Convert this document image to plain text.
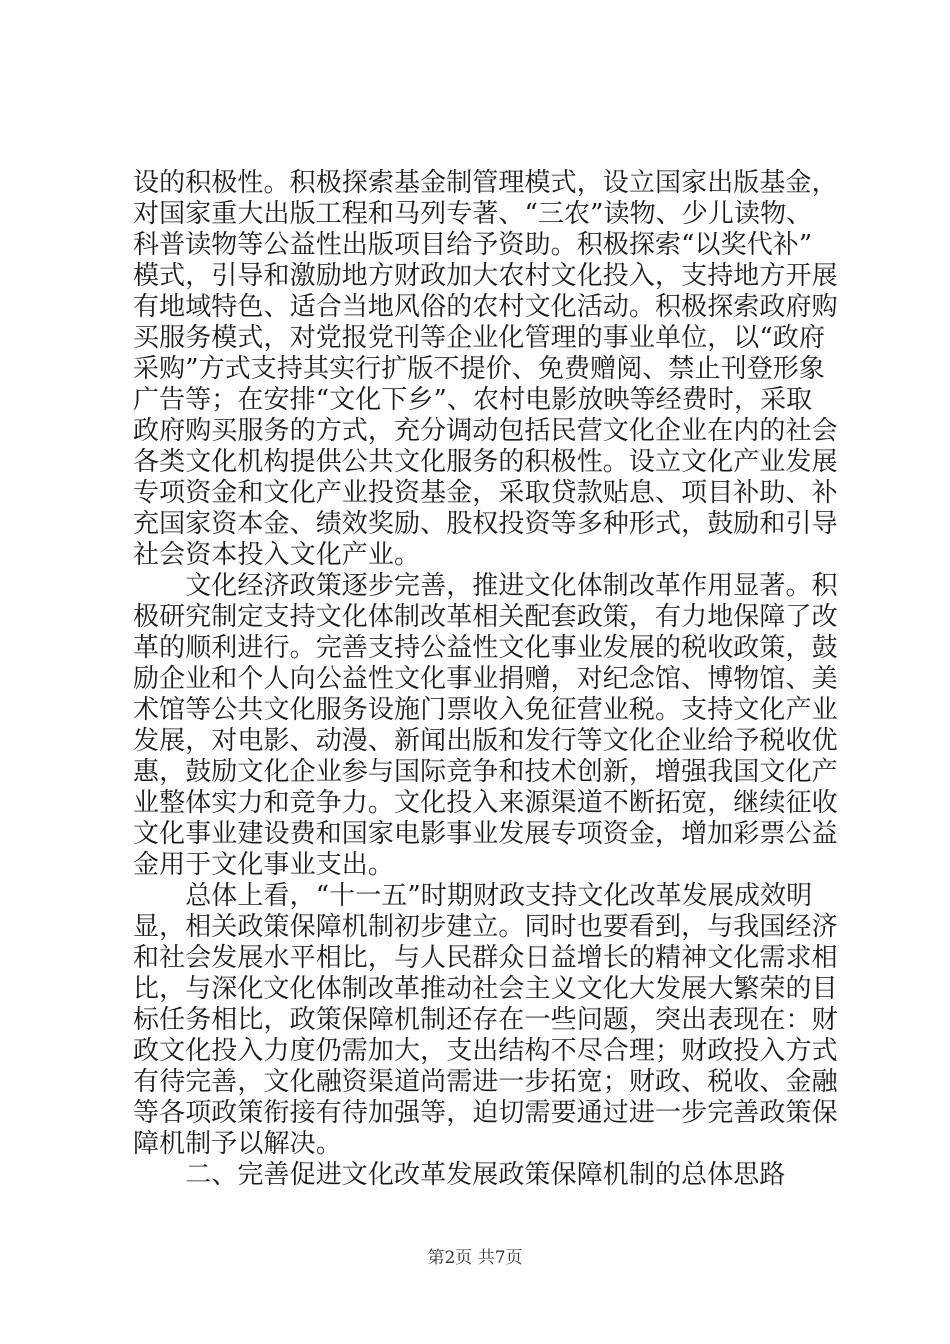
设的积极性。积极探索基金制管理模式，设立国家出版基金，
对国家重大出版工程和马列专著、“三农”读物、少儿读物、
科普读物等公益性出版项目给予资助。积极探索“以奖代补”
模式，引导和激励地方财政加大农村文化投入，支持地方开展
有地域特色、适合当地风俗的农村文化活动。积极探索政府购
买服务模式，对党报党刊等企业化管理的事业单位，以“政府
采购”方式支持其实行扩版不提价、免费赠阅、禁止刊登形象
广告等；在安排“文化下乡”、农村电影放映等经费时，采取
政府购买服务的方式，充分调动包括民营文化企业在内的社会
各类文化机构提供公共文化服务的积极性。设立文化产业发展
专项资金和文化产业投资基金，采取贷款贴息、项目补助、补
充国家资本金、绩效奖励、股权投资等多种形式，鼓励和引导
社会资本投入文化产业。
　　文化经济政策逐步完善，推进文化体制改革作用显著。积
极研究制定支持文化体制改革相关配套政策，有力地保障了改
革的顺利进行。完善支持公益性文化事业发展的税收政策，鼓
励企业和个人向公益性文化事业捐赠，对纪念馆、博物馆、美
术馆等公共文化服务设施门票收入免征营业税。支持文化产业
发展，对电影、动漫、新闻出版和发行等文化企业给予税收优
惠，鼓励文化企业参与国际竞争和技术创新，增强我国文化产
业整体实力和竞争力。文化投入来源渠道不断拓宽，继续征收
文化事业建设费和国家电影事业发展专项资金，增加彩票公益
金用于文化事业支出。
　　总体上看，“十一五”时期财政支持文化改革发展成效明
显，相关政策保障机制初步建立。同时也要看到，与我国经济
和社会发展水平相比，与人民群众日益增长的精神文化需求相
比，与深化文化体制改革推动社会主义文化大发展大繁荣的目
标任务相比，政策保障机制还存在一些问题，突出表现在：财
政文化投入力度仍需加大，支出结构不尽合理；财政投入方式
有待完善，文化融资渠道尚需进一步拓宽；财政、税收、金融
等各项政策衔接有待加强等，迫切需要通过进一步完善政策保
障机制予以解决。
　　二、完善促进文化改革发展政策保障机制的总体思路
第2页 共7页
